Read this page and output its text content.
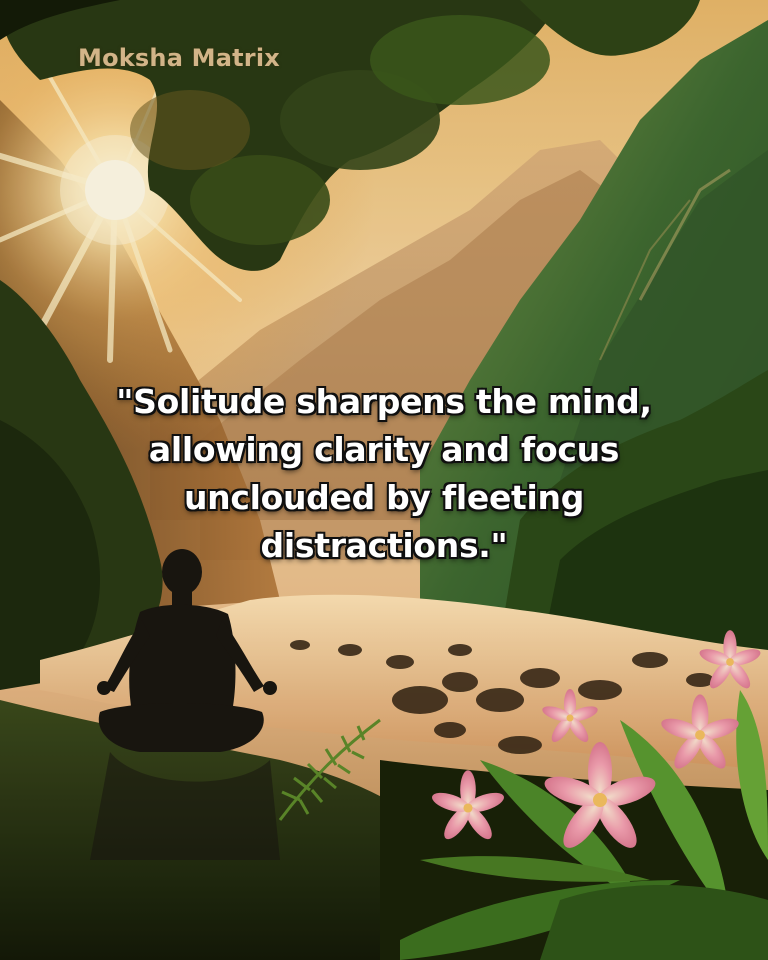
Moksha Matrix
"Solitude sharpens the mind,
allowing clarity and focus
unclouded by fleeting
distractions."
